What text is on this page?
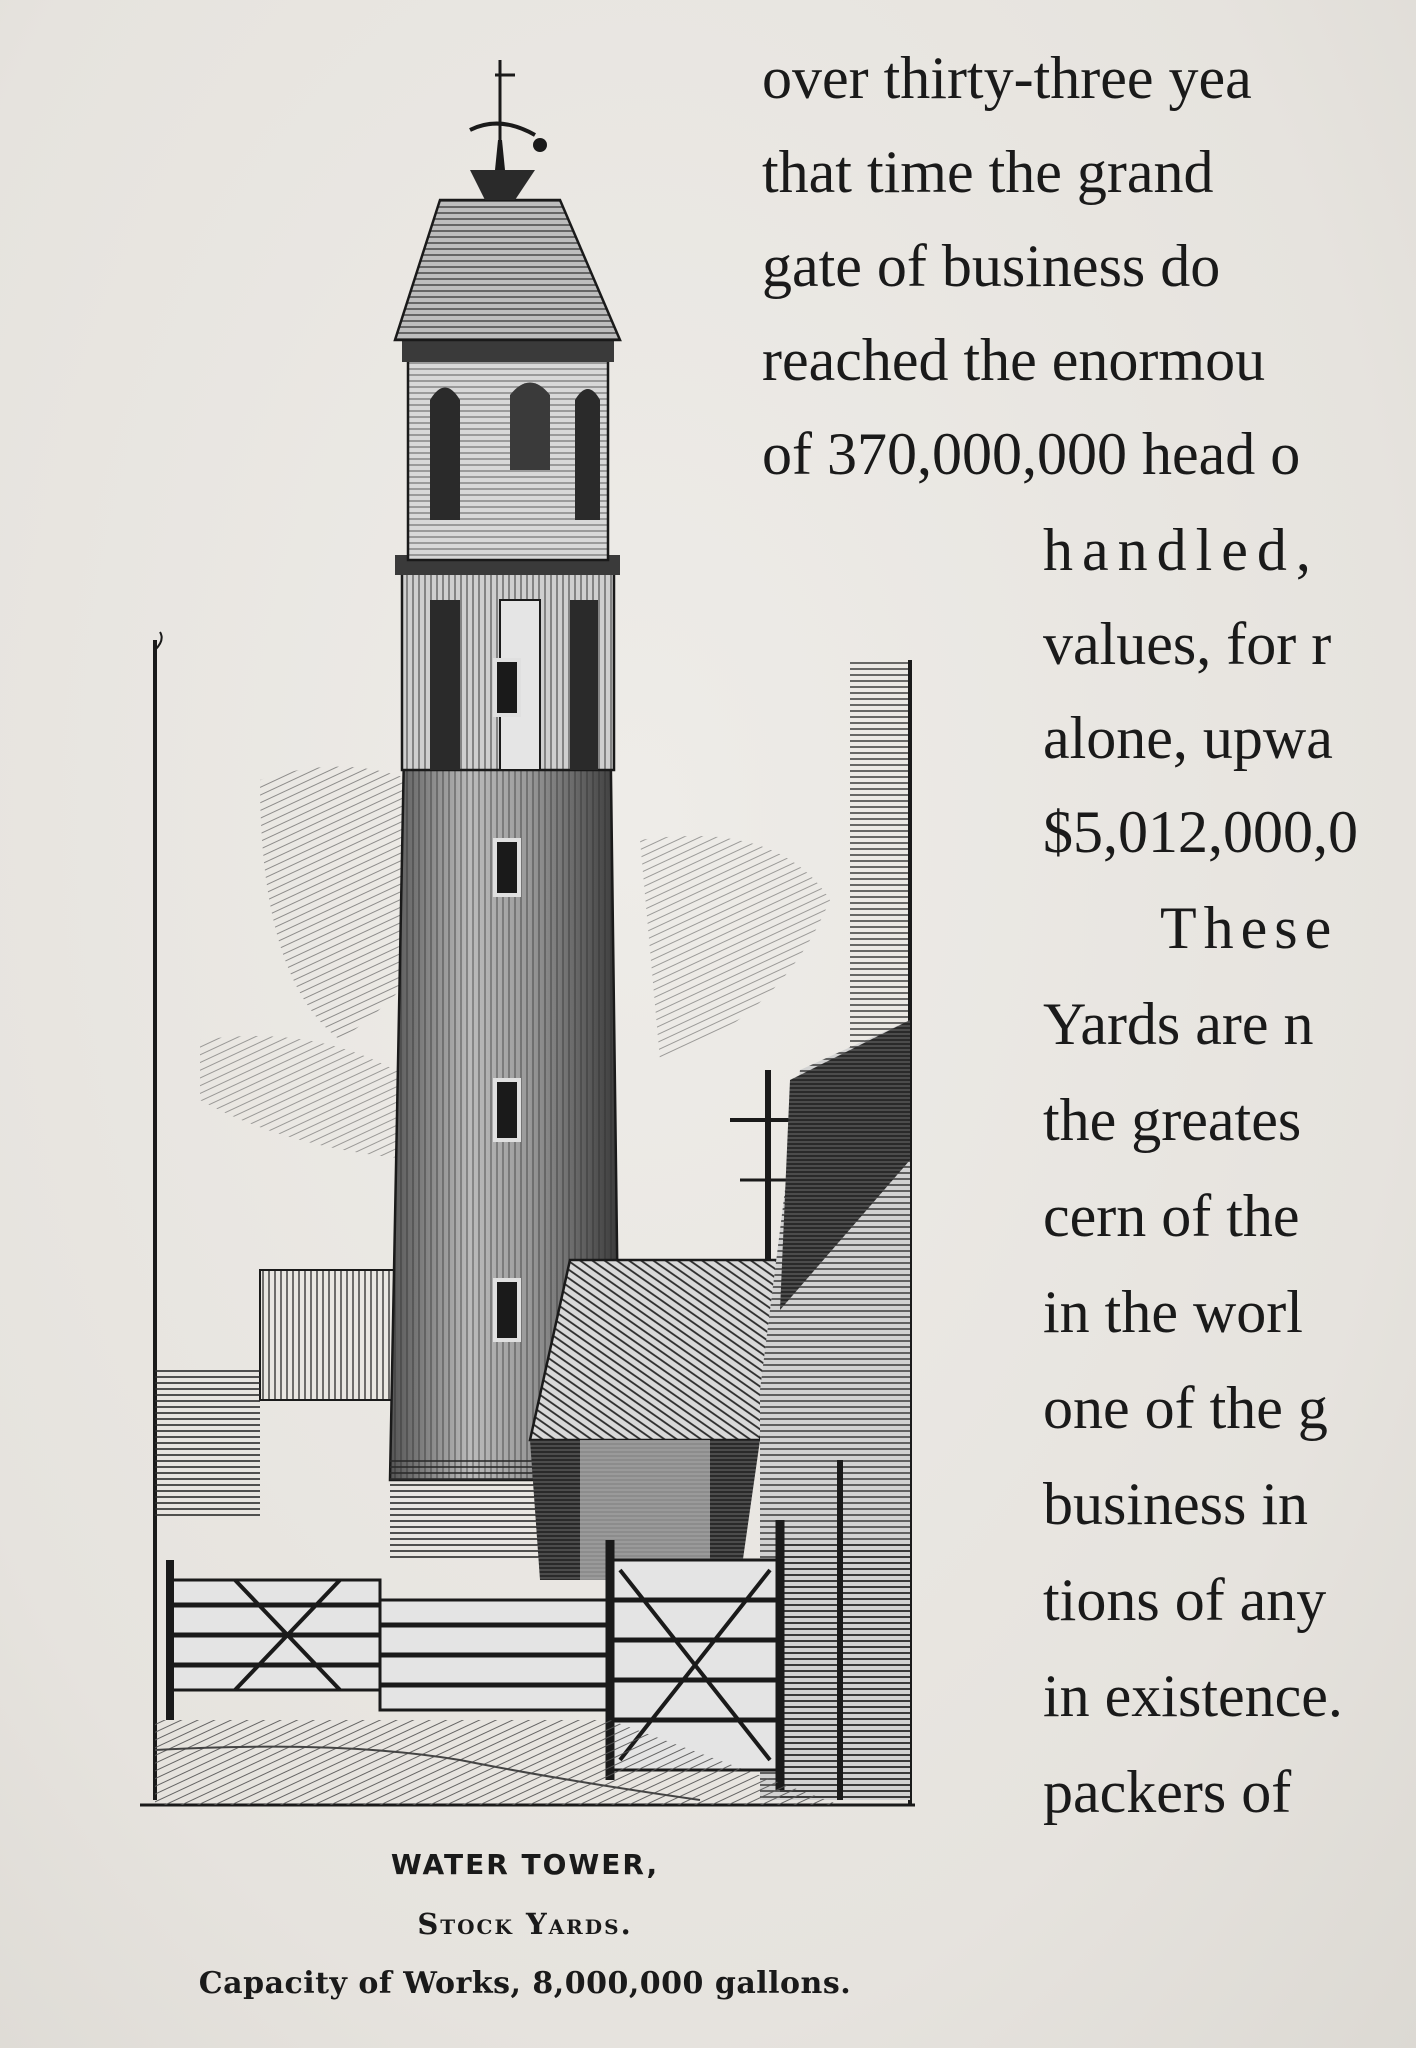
over thirty-three yea
that time the grand
gate of business do
reached the enormou
of 370,000,000 head o
handled,
values, for r
alone, upwa
$5,012,000,0
These
Yards are n
the greates
cern of the
in the worl
one of the g
business in
tions of any
in existence.
packers of
WATER TOWER,
Stock Yards.
Capacity of Works, 8,000,000 gallons.
